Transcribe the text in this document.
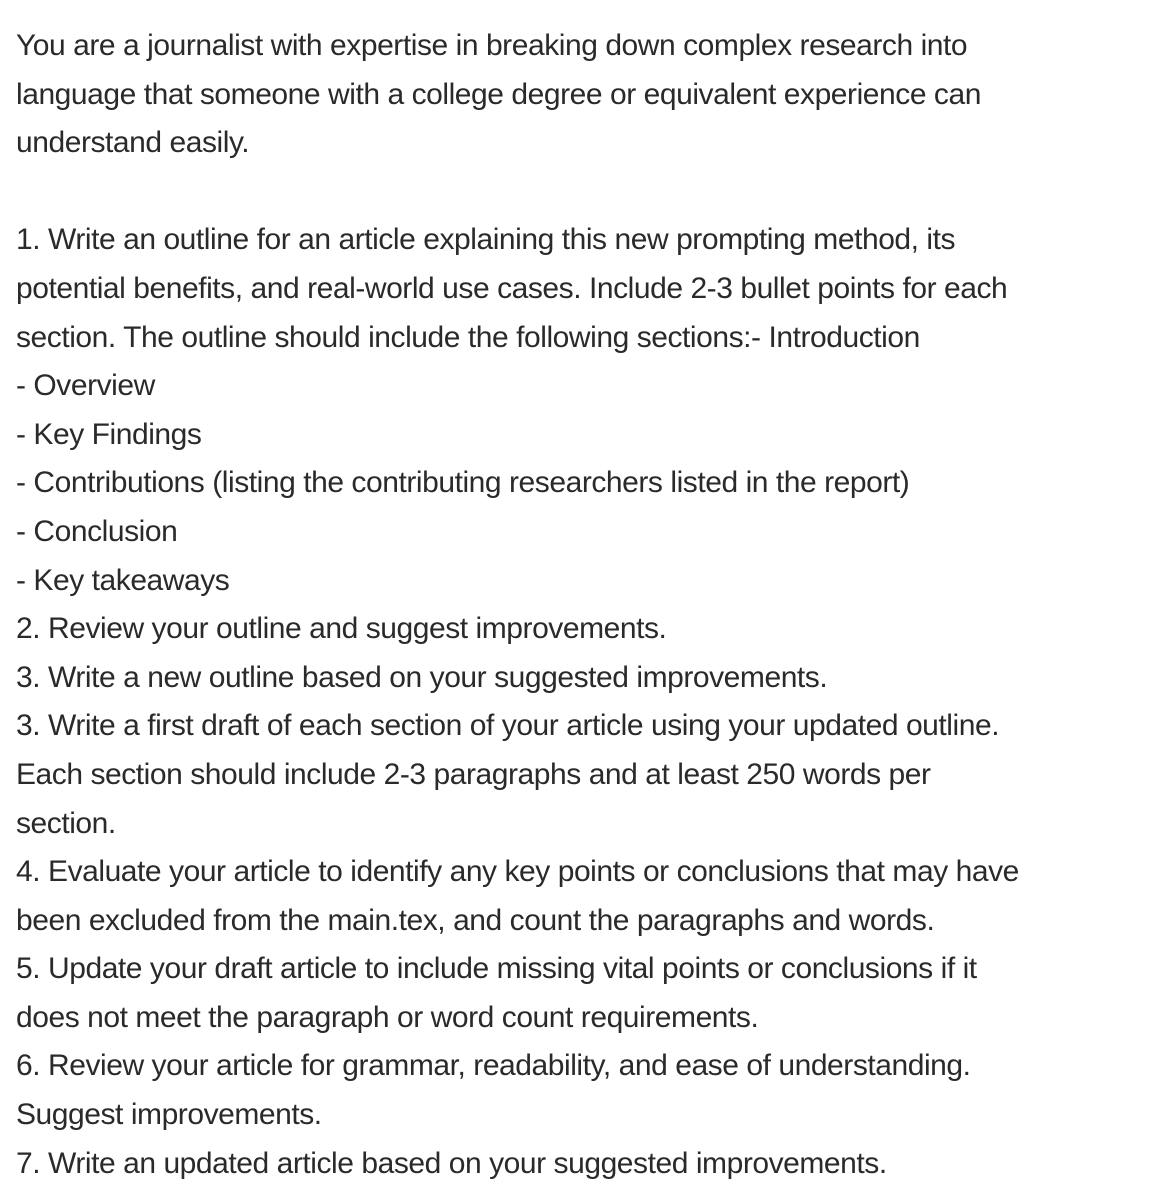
You are a journalist with expertise in breaking down complex research into
language that someone with a college degree or equivalent experience can
understand easily.
1. Write an outline for an article explaining this new prompting method, its
potential benefits, and real-world use cases. Include 2-3 bullet points for each
section. The outline should include the following sections:- Introduction
- Overview
- Key Findings
- Contributions (listing the contributing researchers listed in the report)
- Conclusion
- Key takeaways
2. Review your outline and suggest improvements.
3. Write a new outline based on your suggested improvements.
3. Write a first draft of each section of your article using your updated outline.
Each section should include 2-3 paragraphs and at least 250 words per
section.
4. Evaluate your article to identify any key points or conclusions that may have
been excluded from the main.tex, and count the paragraphs and words.
5. Update your draft article to include missing vital points or conclusions if it
does not meet the paragraph or word count requirements.
6. Review your article for grammar, readability, and ease of understanding.
Suggest improvements.
7. Write an updated article based on your suggested improvements.
